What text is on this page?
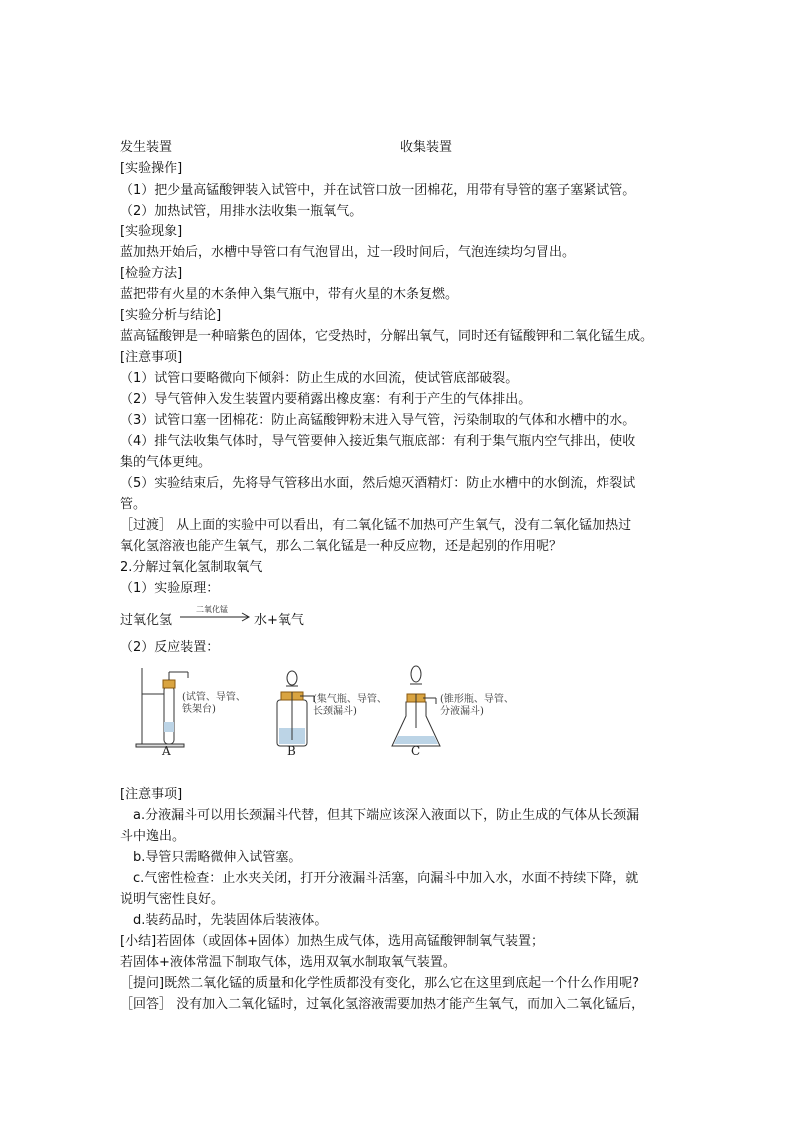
发生装置	收集装置
[实验操作]
（1）把少量高锰酸钾装入试管中，并在试管口放一团棉花，用带有导管的塞子塞紧试管。
（2）加热试管，用排水法收集一瓶氧气。
[实验现象]
蓝加热开始后，水槽中导管口有气泡冒出，过一段时间后，气泡连续均匀冒出。
[检验方法]
蓝把带有火星的木条伸入集气瓶中，带有火星的木条复燃。
[实验分析与结论]
蓝高锰酸钾是一种暗紫色的固体，它受热时，分解出氧气，同时还有锰酸钾和二氧化锰生成。
[注意事项]
（1）试管口要略微向下倾斜：防止生成的水回流，使试管底部破裂。
（2）导气管伸入发生装置内要稍露出橡皮塞：有利于产生的气体排出。
（3）试管口塞一团棉花：防止高锰酸钾粉末进入导气管，污染制取的气体和水槽中的水。
（4）排气法收集气体时，导气管要伸入接近集气瓶底部：有利于集气瓶内空气排出，使收
集的气体更纯。
（5）实验结束后，先将导气管移出水面，然后熄灭酒精灯：防止水槽中的水倒流，炸裂试
管。
［过渡］ 从上面的实验中可以看出，有二氧化锰不加热可产生氧气，没有二氧化锰加热过
氧化氢溶液也能产生氧气，那么二氧化锰是一种反应物，还是起别的作用呢？
2.分解过氧化氢制取氧气
（1）实验原理：
过氧化氢
二氧化锰
水+氧气
（2）反应装置：
(试管、导管、
铁架台)
(集气瓶、导管、
长颈漏斗)
(锥形瓶、导管、
分液漏斗)
A	B	C
[注意事项]
a.分液漏斗可以用长颈漏斗代替，但其下端应该深入液面以下，防止生成的气体从长颈漏
斗中逸出。
b.导管只需略微伸入试管塞。
c.气密性检查：止水夹关闭，打开分液漏斗活塞，向漏斗中加入水，水面不持续下降，就
说明气密性良好。
d.装药品时，先装固体后装液体。
[小结]若固体（或固体+固体）加热生成气体，选用高锰酸钾制氧气装置；
若固体+液体常温下制取气体，选用双氧水制取氧气装置。
［提问]既然二氧化锰的质量和化学性质都没有变化，那么它在这里到底起一个什么作用呢?
［回答］ 没有加入二氧化锰时，过氧化氢溶液需要加热才能产生氧气，而加入二氧化锰后，
